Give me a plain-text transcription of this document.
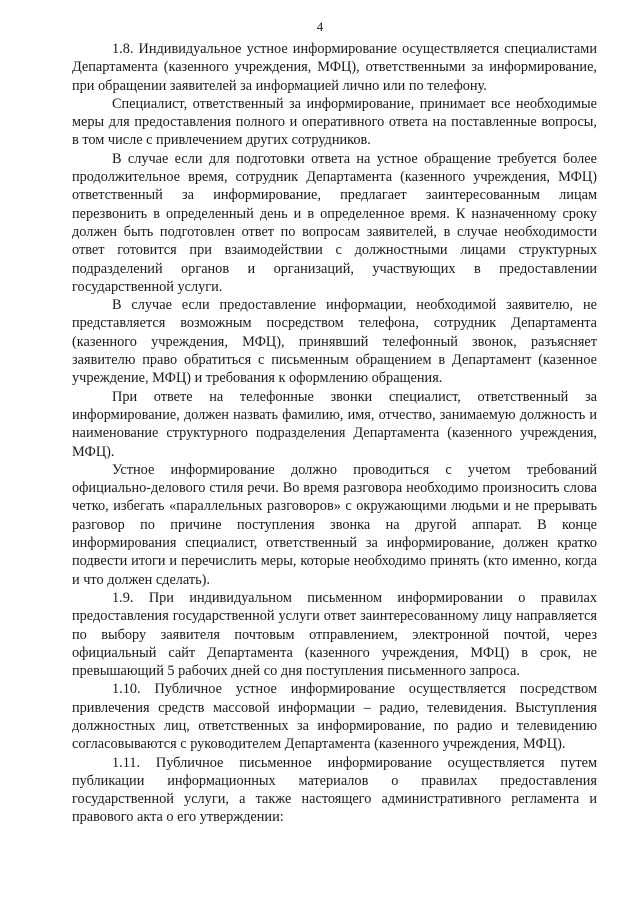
4

1.8. Индивидуальное устное информирование осуществляется специалистами Департамента (казенного учреждения, МФЦ), ответственными за информирование, при обращении заявителей за информацией лично или по телефону.

Специалист, ответственный за информирование, принимает все необходимые меры для предоставления полного и оперативного ответа на поставленные вопросы, в том числе с привлечением других сотрудников.

В случае если для подготовки ответа на устное обращение требуется более продолжительное время, сотрудник Департамента (казенного учреждения, МФЦ) ответственный за информирование, предлагает заинтересованным лицам перезвонить в определенный день и в определенное время. К назначенному сроку должен быть подготовлен ответ по вопросам заявителей, в случае необходимости ответ готовится при взаимодействии с должностными лицами структурных подразделений органов и организаций, участвующих в предоставлении государственной услуги.

В случае если предоставление информации, необходимой заявителю, не представляется возможным посредством телефона, сотрудник Департамента (казенного учреждения, МФЦ), принявший телефонный звонок, разъясняет заявителю право обратиться с письменным обращением в Департамент (казенное учреждение, МФЦ) и требования к оформлению обращения.

При ответе на телефонные звонки специалист, ответственный за информирование, должен назвать фамилию, имя, отчество, занимаемую должность и наименование структурного подразделения Департамента (казенного учреждения, МФЦ).

Устное информирование должно проводиться с учетом требований официально-делового стиля речи. Во время разговора необходимо произносить слова четко, избегать «параллельных разговоров» с окружающими людьми и не прерывать разговор по причине поступления звонка на другой аппарат. В конце информирования специалист, ответственный за информирование, должен кратко подвести итоги и перечислить меры, которые необходимо принять (кто именно, когда и что должен сделать).

1.9. При индивидуальном письменном информировании о правилах предоставления государственной услуги ответ заинтересованному лицу направляется по выбору заявителя почтовым отправлением, электронной почтой, через официальный сайт Департамента (казенного учреждения, МФЦ) в срок, не превышающий 5 рабочих дней со дня поступления письменного запроса.

1.10. Публичное устное информирование осуществляется посредством привлечения средств массовой информации – радио, телевидения. Выступления должностных лиц, ответственных за информирование, по радио и телевидению согласовываются с руководителем Департамента (казенного учреждения, МФЦ).

1.11. Публичное письменное информирование осуществляется путем публикации информационных материалов о правилах предоставления государственной услуги, а также настоящего административного регламента и правового акта о его утверждении:
